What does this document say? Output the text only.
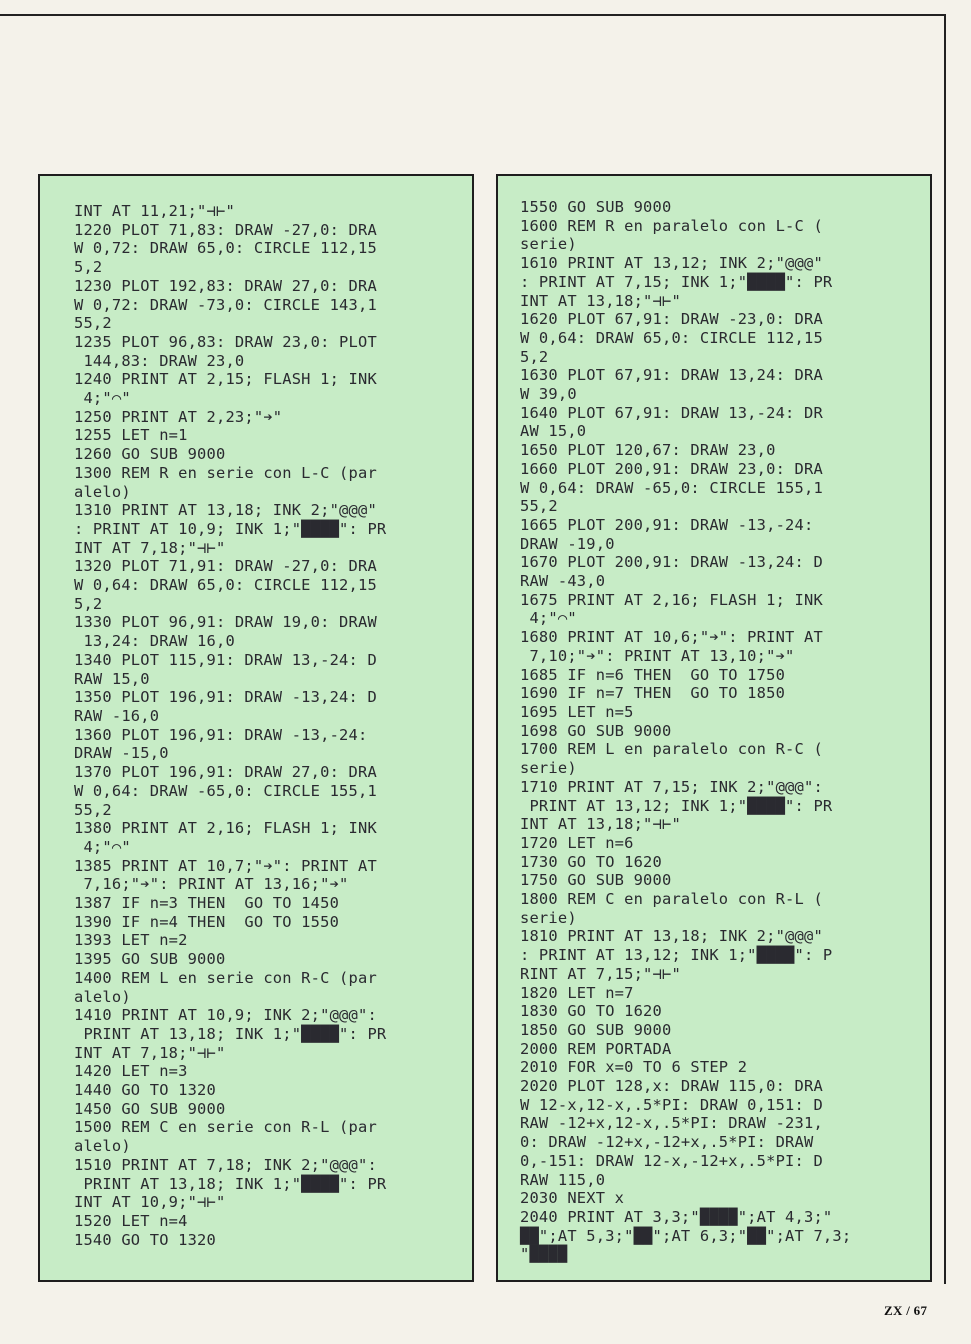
INT AT 11,21;"⊣⊢"
1220 PLOT 71,83: DRAW -27,0: DRA
W 0,72: DRAW 65,0: CIRCLE 112,15
5,2
1230 PLOT 192,83: DRAW 27,0: DRA
W 0,72: DRAW -73,0: CIRCLE 143,1
55,2
1235 PLOT 96,83: DRAW 23,0: PLOT
144,83: DRAW 23,0
1240 PRINT AT 2,15; FLASH 1; INK
4;"⌒"
1250 PRINT AT 2,23;"➔"
1255 LET n=1
1260 GO SUB 9000
1300 REM R en serie con L-C (par
alelo)
1310 PRINT AT 13,18; INK 2;"@@@"
: PRINT AT 10,9; INK 1;"████": PR
INT AT 7,18;"⊣⊢"
1320 PLOT 71,91: DRAW -27,0: DRA
W 0,64: DRAW 65,0: CIRCLE 112,15
5,2
1330 PLOT 96,91: DRAW 19,0: DRAW
13,24: DRAW 16,0
1340 PLOT 115,91: DRAW 13,-24: D
RAW 15,0
1350 PLOT 196,91: DRAW -13,24: D
RAW -16,0
1360 PLOT 196,91: DRAW -13,-24:
DRAW -15,0
1370 PLOT 196,91: DRAW 27,0: DRA
W 0,64: DRAW -65,0: CIRCLE 155,1
55,2
1380 PRINT AT 2,16; FLASH 1; INK
4;"⌒"
1385 PRINT AT 10,7;"➔": PRINT AT
7,16;"➔": PRINT AT 13,16;"➔"
1387 IF n=3 THEN  GO TO 1450
1390 IF n=4 THEN  GO TO 1550
1393 LET n=2
1395 GO SUB 9000
1400 REM L en serie con R-C (par
alelo)
1410 PRINT AT 10,9; INK 2;"@@@":
PRINT AT 13,18; INK 1;"████": PR
INT AT 7,18;"⊣⊢"
1420 LET n=3
1440 GO TO 1320
1450 GO SUB 9000
1500 REM C en serie con R-L (par
alelo)
1510 PRINT AT 7,18; INK 2;"@@@":
PRINT AT 13,18; INK 1;"████": PR
INT AT 10,9;"⊣⊢"
1520 LET n=4
1540 GO TO 1320

1550 GO SUB 9000
1600 REM R en paralelo con L-C (
serie)
1610 PRINT AT 13,12; INK 2;"@@@"
: PRINT AT 7,15; INK 1;"████": PR
INT AT 13,18;"⊣⊢"
1620 PLOT 67,91: DRAW -23,0: DRA
W 0,64: DRAW 65,0: CIRCLE 112,15
5,2
1630 PLOT 67,91: DRAW 13,24: DRA
W 39,0
1640 PLOT 67,91: DRAW 13,-24: DR
AW 15,0
1650 PLOT 120,67: DRAW 23,0
1660 PLOT 200,91: DRAW 23,0: DRA
W 0,64: DRAW -65,0: CIRCLE 155,1
55,2
1665 PLOT 200,91: DRAW -13,-24:
DRAW -19,0
1670 PLOT 200,91: DRAW -13,24: D
RAW -43,0
1675 PRINT AT 2,16; FLASH 1; INK
4;"⌒"
1680 PRINT AT 10,6;"➔": PRINT AT
7,10;"➔": PRINT AT 13,10;"➔"
1685 IF n=6 THEN  GO TO 1750
1690 IF n=7 THEN  GO TO 1850
1695 LET n=5
1698 GO SUB 9000
1700 REM L en paralelo con R-C (
serie)
1710 PRINT AT 7,15; INK 2;"@@@":
PRINT AT 13,12; INK 1;"████": PR
INT AT 13,18;"⊣⊢"
1720 LET n=6
1730 GO TO 1620
1750 GO SUB 9000
1800 REM C en paralelo con R-L (
serie)
1810 PRINT AT 13,18; INK 2;"@@@"
: PRINT AT 13,12; INK 1;"████": P
RINT AT 7,15;"⊣⊢"
1820 LET n=7
1830 GO TO 1620
1850 GO SUB 9000
2000 REM PORTADA
2010 FOR x=0 TO 6 STEP 2
2020 PLOT 128,x: DRAW 115,0: DRA
W 12-x,12-x,.5*PI: DRAW 0,151: D
RAW -12+x,12-x,.5*PI: DRAW -231,
0: DRAW -12+x,-12+x,.5*PI: DRAW
0,-151: DRAW 12-x,-12+x,.5*PI: D
RAW 115,0
2030 NEXT x
2040 PRINT AT 3,3;"████";AT 4,3;"
██";AT 5,3;"██";AT 6,3;"██";AT 7,3;
"████

ZX / 67
